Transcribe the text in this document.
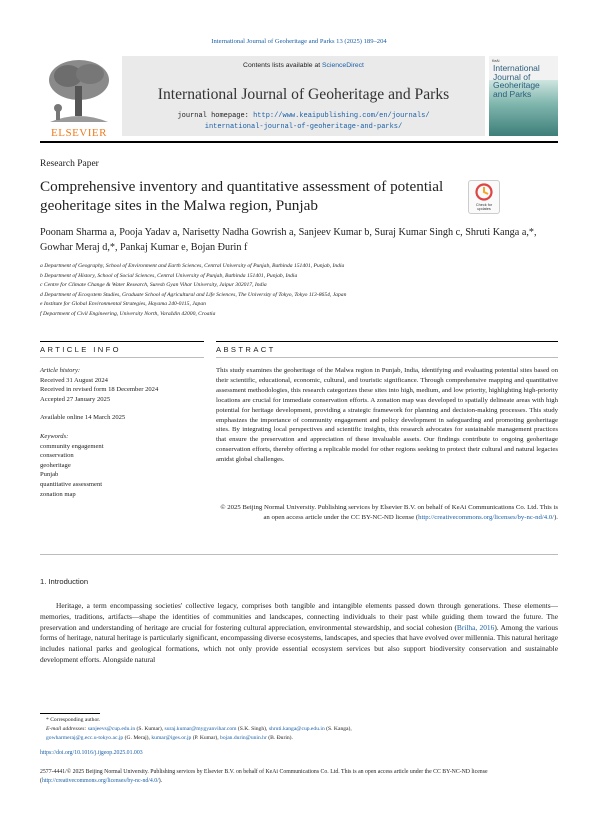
International Journal of Geoheritage and Parks 13 (2025) 189–204
ELSEVIER
Contents lists available at ScienceDirect
International Journal of Geoheritage and Parks
journal homepage: http://www.keaipublishing.com/en/journals/
international-journal-of-geoheritage-and-parks/
KeAi
International Journal of Geoheritage and Parks
Research Paper
Comprehensive inventory and quantitative assessment of potential geoheritage sites in the Malwa region, Punjab	Check for updates
Poonam Sharma a, Pooja Yadav a, Narisetty Nadha Gowrish a, Sanjeev Kumar b, Suraj Kumar Singh c, Shruti Kanga a,*, Gowhar Meraj d,*, Pankaj Kumar e, Bojan Đurin f
a Department of Geography, School of Environment and Earth Sciences, Central University of Punjab, Bathinda 151401, Punjab, India
b Department of History, School of Social Sciences, Central University of Punjab, Bathinda 151401, Punjab, India
c Centre for Climate Change & Water Research, Suresh Gyan Vihar University, Jaipur 302017, India
d Department of Ecosystem Studies, Graduate School of Agricultural and Life Sciences, The University of Tokyo, Tokyo 113-8654, Japan
e Institute for Global Environmental Strategies, Hayama 240-0115, Japan
f Department of Civil Engineering, University North, Varaždin 42000, Croatia
ARTICLE INFO	ABSTRACT
Article history:
Received 31 August 2024
Received in revised form 18 December 2024
Accepted 27 January 2025
Available online 14 March 2025
Keywords:
community engagement
conservation
geoheritage
Punjab
quantitative assessment
zonation map

This study examines the geoheritage of the Malwa region in Punjab, India, identifying and evaluating potential sites based on their scientific, educational, economic, cultural, and touristic significance. Through comprehensive mapping and quantitative assessment methodologies, this research categorizes these sites into high, medium, and low priority, highlighting high-priority locations are crucial for immediate conservation efforts. A zonation map was developed to spatially delineate areas with high potential for heritage development, providing a strategic framework for planning and decision-making processes. This study emphasizes the importance of community engagement and policy development in safeguarding and promoting geoheritage sites. By integrating local perspectives and scientific insights, this research advocates for sustainable management practices that ensure the preservation and appreciation of these invaluable assets. Our findings contribute to ongoing geoheritage conservation efforts, thereby offering a replicable model for other regions seeking to protect their cultural and natural legacies amidst global challenges.

© 2025 Beijing Normal University. Publishing services by Elsevier B.V. on behalf of KeAi Communications Co. Ltd. This is an open access article under the CC BY-NC-ND license (http://creativecommons.org/licenses/by-nc-nd/4.0/).

1. Introduction

Heritage, a term encompassing societies' collective legacy, comprises both tangible and intangible elements passed down through generations. These elements—memories, traditions, artifacts—shape the identities of communities and landscapes, connecting individuals to their past while guiding them toward the future. The preservation and understanding of heritage are crucial for fostering cultural appreciation, environmental stewardship, and social cohesion (Brilha, 2016). Among the various forms of heritage, natural heritage is particularly significant, encompassing diverse ecosystems, landscapes, and species that have evolved over millennia. This natural heritage includes national parks and geological formations, which not only provide essential ecosystem services but also support biodiversity conservation and sustainable development efforts. Alongside natural

* Corresponding author.
E-mail addresses: sanjeevs@cup.edu.in (S. Kumar), suraj.kumar@mygyanvihar.com (S.K. Singh), shruti.kanga@cup.edu.in (S. Kanga),
gowharmeraj@g.ecc.u-tokyo.ac.jp (G. Meraj), kumar@iges.or.jp (P. Kumar), bojan.durin@unin.hr (B. Đurin).
https://doi.org/10.1016/j.ijgeop.2025.01.003
2577-4441/© 2025 Beijing Normal University. Publishing services by Elsevier B.V. on behalf of KeAi Communications Co. Ltd. This is an open access article under the CC BY-NC-ND license (http://creativecommons.org/licenses/by-nc-nd/4.0/).
